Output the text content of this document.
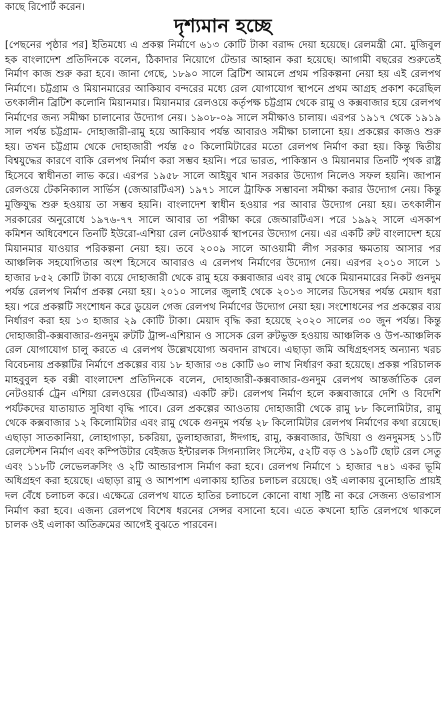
কাছে রিপোর্ট করেন।
দৃশ্যমান হচ্ছে
[পেছনের পৃষ্ঠার পর] ইতিমধ্যে এ প্রকল্প নির্মাণে ৬১৩ কোটি টাকা বরাদ্দ দেয়া হয়েছে। রেলমন্ত্রী মো. মুজিবুল হক বাংলাদেশ প্রতিদিনকে বলেন, ঠিকাদার নিয়োগে টেন্ডার আহ্বান করা হয়েছে। আগামী বছরের শুরুতেই নির্মাণ কাজ শুরু করা হবে। জানা গেছে, ১৮৯০ সালে ব্রিটিশ আমলে প্রথম পরিকল্পনা নেয়া হয় এই রেলপথ নির্মাণে। চট্টগ্রাম ও মিয়ানমারের আকিয়াব বন্দরের মধ্যে রেল যোগাযোগ স্থাপনে প্রথম আগ্রহ প্রকাশ করেছিল তৎকালীন ব্রিটিশ কলোনি মিয়ানমার। মিয়ানমার রেলওয়ে কর্তৃপক্ষ চট্টগ্রাম থেকে রামু ও কক্সবাজার হয়ে রেলপথ নির্মাণের জন্য সমীক্ষা চালানোর উদ্যোগ নেয়। ১৯০৮-০৯ সালে সমীক্ষাও চালায়। এরপর ১৯১৭ থেকে ১৯১৯ সাল পর্যন্ত চট্টগ্রাম- দোহাজারী-রামু হয়ে আকিয়াব পর্যন্ত আবারও সমীক্ষা চালানো হয়। প্রকল্পের কাজও শুরু হয়। তখন চট্টগ্রাম থেকে দোহাজারী পর্যন্ত ৫০ কিলোমিটারের মতো রেলপথ নির্মাণ করা হয়। কিন্তু দ্বিতীয় বিশ্বযুদ্ধের কারণে বাকি রেলপথ নির্মাণ করা সম্ভব হয়নি। পরে ভারত, পাকিস্তান ও মিয়ানমার তিনটি পৃথক রাষ্ট্র হিসেবে স্বাধীনতা লাভ করে। এরপর ১৯৫৮ সালে আইয়ুব খান সরকার উদ্যোগ নিলেও সফল হয়নি। জাপান রেলওয়ে টেকনিক্যাল সার্ভিস (জেআরটিএস) ১৯৭১ সালে ট্রাফিক সম্ভাবনা সমীক্ষা করার উদ্যোগ নেয়। কিন্তু মুক্তিযুদ্ধ শুরু হওয়ায় তা সম্ভব হয়নি। বাংলাদেশ স্বাধীন হওয়ার পর আবার উদ্যোগ নেয়া হয়। তৎকালীন সরকারের অনুরোধে ১৯৭৬-৭৭ সালে আবার তা পরীক্ষা করে জেআরটিএস। পরে ১৯৯২ সালে এসকাপ কমিশন অধিবেশনে তিনটি ইউরো-এশিয়া রেল নেটওয়ার্ক স্থাপনের উদ্যোগ নেয়। এর একটি রুট বাংলাদেশ হয়ে মিয়ানমার যাওয়ার পরিকল্পনা নেয়া হয়। তবে ২০০৯ সালে আওয়ামী লীগ সরকার ক্ষমতায় আসার পর আঞ্চলিক সহযোগিতার অংশ হিসেবে আবারও এ রেলপথ নির্মাণের উদ্যোগ নেয়। এরপর ২০১০ সালে ১ হাজার ৮৫২ কোটি টাকা ব্যয়ে দোহাজারী থেকে রামু হয়ে কক্সবাজার এবং রামু থেকে মিয়ানমারের নিকট গুনদুম পর্যন্ত রেলপথ নির্মাণ প্রকল্প নেয়া হয়। ২০১০ সালের জুলাই থেকে ২০১৩ সালের ডিসেম্বর পর্যন্ত মেয়াদ ধরা হয়। পরে প্রকল্পটি সংশোধন করে ডুয়েল গেজ রেলপথ নির্মাণের উদ্যোগ নেয়া হয়। সংশোধনের পর প্রকল্পের ব্যয় নির্ধারণ করা হয় ১৩ হাজার ২৯ কোটি টাকা। মেয়াদ বৃদ্ধি করা হয়েছে ২০২০ সালের ৩০ জুন পর্যন্ত। কিন্তু দোহাজারী-কক্সবাজার-গুনদুম রুটটি ট্রান্স-এশিয়ান ও সাসেক রেল রুটভুক্ত হওয়ায় আঞ্চলিক ও উপ-আঞ্চলিক রেল যোগাযোগ চালু করতে এ রেলপথ উল্লেখযোগ্য অবদান রাখবে। এছাড়া জমি অধিগ্রহণসহ অন্যান্য খরচ বিবেচনায় প্রকল্পটির নির্মাণে প্রকল্পের ব্যয় ১৮ হাজার ৩৪ কোটি ৬০ লাখ নির্ধারণ করা হয়েছে। প্রকল্প পরিচালক মাহবুবুল হক বক্সী বাংলাদেশ প্রতিদিনকে বলেন, দোহাজারী-কক্সবাজার-গুনদুম রেলপথ আন্তর্জাতিক রেল নেটওয়ার্ক ট্রেন এশিয়া রেলওয়ের (টিএআর) একটি রুট। রেলপথ নির্মাণ হলে কক্সবাজারে দেশি ও বিদেশি পর্যটকদের যাতায়াত সুবিধা বৃদ্ধি পাবে। রেল প্রকল্পের আওতায় দোহাজারী থেকে রামু ৮৮ কিলোমিটার, রামু থেকে কক্সবাজার ১২ কিলোমিটার এবং রামু থেকে গুনদুম পর্যন্ত ২৮ কিলোমিটার রেলপথ নির্মাণের কথা রয়েছে। এছাড়া সাতকানিয়া, লোহাগাড়া, চকরিয়া, ডুলাহাজারা, ঈদগাহ, রামু, কক্সবাজার, উখিয়া ও গুনদুমসহ ১১টি রেলস্টেশন নির্মাণ এবং কম্পিউটার বেইজড ইন্টারলক সিগন্যালিং সিস্টেম, ৫২টি বড় ও ১৯০টি ছোট রেল সেতু এবং ১১৮টি লেভেলক্রসিং ও ২টি আন্ডারপাস নির্মাণ করা হবে। রেলপথ নির্মাণে ১ হাজার ৭৪১ একর ভূমি অধিগ্রহণ করা হয়েছে। এছাড়া রামু ও আশপাশ এলাকায় হাতির চলাচল রয়েছে। ওই এলাকায় বুনোহাতি প্রায়ই দল বেঁধে চলাচল করে। এক্ষেত্রে রেলপথ যাতে হাতির চলাচলে কোনো বাধা সৃষ্টি না করে সেজন্য ওভারপাস নির্মাণ করা হবে। এজন্য রেলপথে বিশেষ ধরনের সেন্সর বসানো হবে। এতে কখনো হাতি রেলপথে থাকলে চালক ওই এলাকা অতিক্রমের আগেই বুঝতে পারবেন।
